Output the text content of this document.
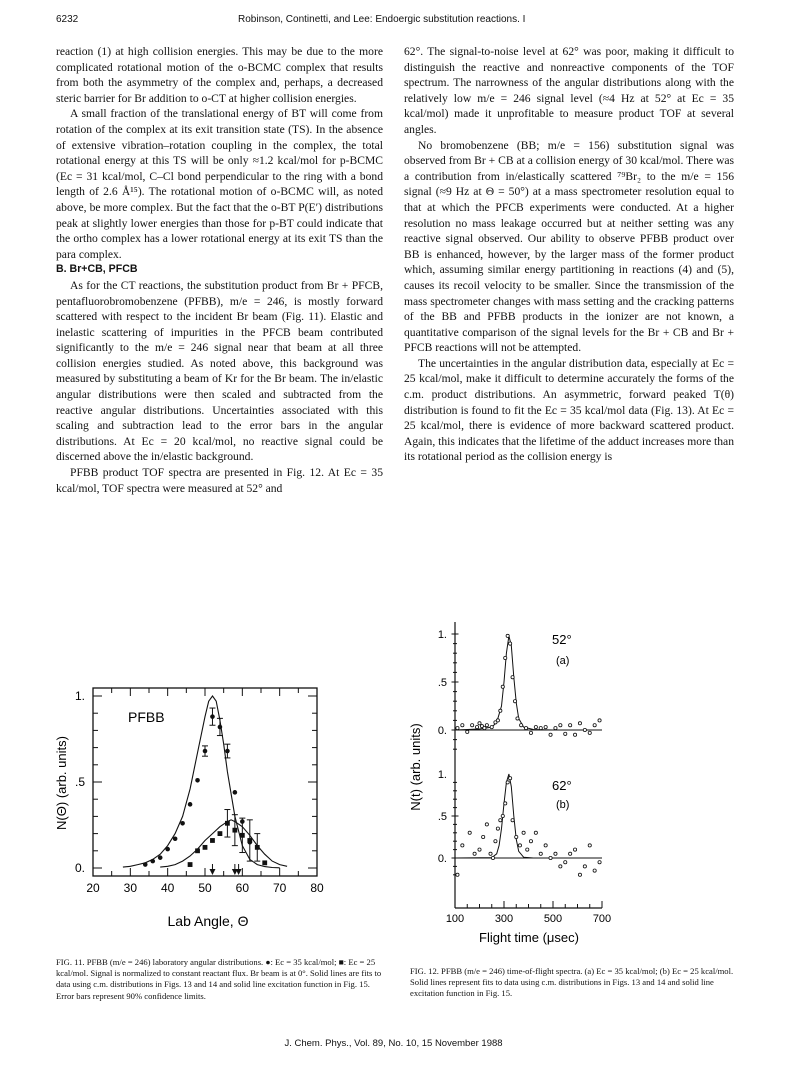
6232	Robinson, Continetti, and Lee: Endoergic substitution reactions. I

reaction (1) at high collision energies. This may be due to the more complicated rotational motion of the o-BCMC complex that results from both the asymmetry of the complex and, perhaps, a decreased steric barrier for Br addition to o-CT at higher collision energies.

A small fraction of the translational energy of BT will come from rotation of the complex at its exit transition state (TS). In the absence of extensive vibration–rotation coupling in the complex, the total rotational energy at this TS will be only ≈1.2 kcal/mol for p-BCMC (Ec = 31 kcal/mol, C–Cl bond perpendicular to the ring with a bond length of 2.6 Å¹⁵). The rotational motion of o-BCMC will, as noted above, be more complex. But the fact that the o-BT P(E′) distributions peak at slightly lower energies than those for p-BT could indicate that the ortho complex has a lower rotational energy at its exit TS than the para complex.

B. Br+CB, PFCB

As for the CT reactions, the substitution product from Br + PFCB, pentafluorobromobenzene (PFBB), m/e = 246, is mostly forward scattered with respect to the incident Br beam (Fig. 11). Elastic and inelastic scattering of impurities in the PFCB beam contributed significantly to the m/e = 246 signal near that beam at all three collision energies studied. As noted above, this background was measured by substituting a beam of Kr for the Br beam. The in/elastic angular distributions were then scaled and subtracted from the reactive angular distributions. Uncertainties associated with this scaling and subtraction lead to the error bars in the angular distributions. At Ec = 20 kcal/mol, no reactive signal could be discerned above the in/elastic background.

PFBB product TOF spectra are presented in Fig. 12. At Ec = 35 kcal/mol, TOF spectra were measured at 52° and

62°. The signal-to-noise level at 62° was poor, making it difficult to distinguish the reactive and nonreactive components of the TOF spectrum. The narrowness of the angular distributions along with the relatively low m/e = 246 signal level (≈4 Hz at 52° at Ec = 35 kcal/mol) made it unprofitable to measure product TOF at several angles.

No bromobenzene (BB; m/e = 156) substitution signal was observed from Br + CB at a collision energy of 30 kcal/mol. There was a contribution from in/elastically scattered ⁷⁹Br₂ to the m/e = 156 signal (≈9 Hz at Θ = 50°) at a mass spectrometer resolution equal to that at which the PFCB experiments were conducted. At a higher resolution no mass leakage occurred but at neither setting was any reactive signal observed. Our ability to observe PFBB product over BB is enhanced, however, by the larger mass of the former product which, assuming similar energy partitioning in reactions (4) and (5), causes its recoil velocity to be smaller. Since the transmission of the mass spectrometer changes with mass setting and the cracking patterns of the BB and PFBB products in the ionizer are not known, a quantitative comparison of the signal levels for the Br + CB and Br + PFCB reactions will not be attempted.

The uncertainties in the angular distribution data, especially at Ec = 25 kcal/mol, make it difficult to determine accurately the forms of the c.m. product distributions. An asymmetric, forward peaked T(θ) distribution is found to fit the Ec = 35 kcal/mol data (Fig. 13). At Ec = 25 kcal/mol, there is evidence of more backward scattered product. Again, this indicates that the lifetime of the adduct increases more than its rotational period as the collision energy is

20 30 40 50 60 70 80
0.
.5
1.
PFBB
Lab Angle, Θ
N(Θ) (arb. units)
FIG. 11. PFBB (m/e = 246) laboratory angular distributions. ●: Ec = 35 kcal/mol; ■: Ec = 25 kcal/mol. Signal is normalized to constant reactant flux. Br beam is at 0°. Solid lines are fits to data using c.m. distributions in Figs. 13 and 14 and solid line excitation function in Fig. 15. Error bars represent 90% confidence limits.
100	300	500	700
0.
.5
1.
0.
.5
1.
52°
(a)
62°
(b)
Flight time (μsec)
N(t) (arb. units)
FIG. 12. PFBB (m/e = 246) time-of-flight spectra. (a) Ec = 35 kcal/mol; (b) Ec = 25 kcal/mol. Solid lines represent fits to data using c.m. distributions in Figs. 13 and 14 and solid line excitation function in Fig. 15.
J. Chem. Phys., Vol. 89, No. 10, 15 November 1988
